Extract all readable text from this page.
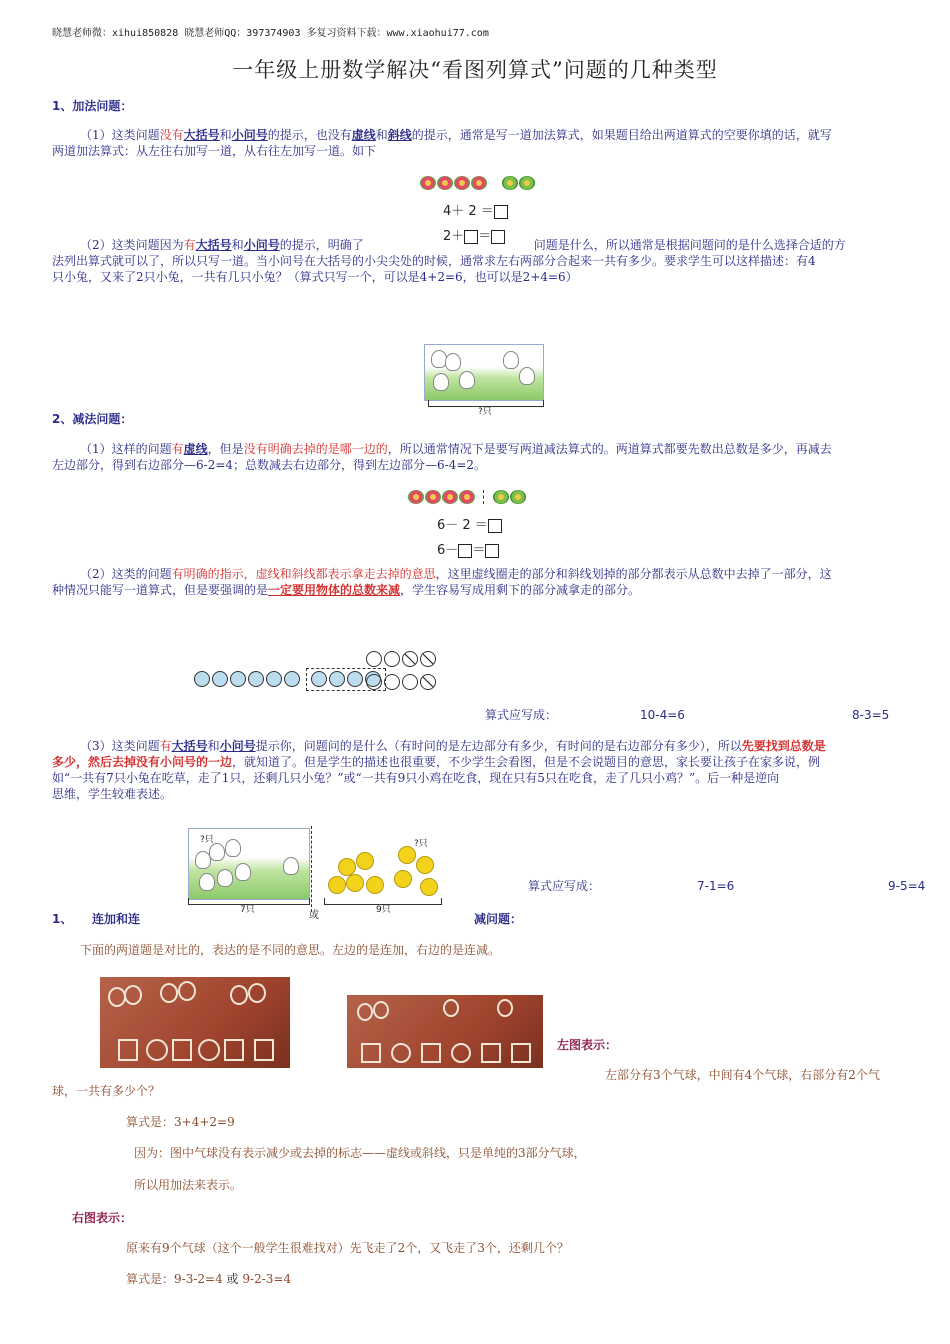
晓慧老师微：xihui850828 晓慧老师QQ：397374903 多复习资料下载：www.xiaohui77.com
一年级上册数学解决“看图列算式”问题的几种类型
1、加法问题：
（1）这类问题没有大括号和小问号的提示，也没有虚线和斜线的提示，通常是写一道加法算式，如果题目给出两道算式的空要你填的话，就写
两道加法算式：从左往右加写一道，从右往左加写一道。如下

4＋ 2 ＝
2＋ ＝
（2）这类问题因为有大括号和小问号的提示，明确了	问题是什么，所以通常是根据问题问的是什么选择合适的方
法列出算式就可以了，所以只写一道。当小问号在大括号的小尖尖处的时候，通常求左右两部分合起来一共有多少。要求学生可以这样描述：有4
只小兔，又来了2只小兔，一共有几只小兔？（算式只写一个，可以是4+2=6，也可以是2+4=6）
?只
2、减法问题：
（1）这样的问题有虚线，但是没有明确去掉的是哪一边的，所以通常情况下是要写两道减法算式的。两道算式都要先数出总数是多少，再减去
左边部分，得到右边部分—6-2=4；总数减去右边部分，得到左边部分—6-4=2。

6－ 2 ＝
6－ ＝
（2）这类的问题有明确的指示，虚线和斜线都表示拿走去掉的意思，这里虚线圈走的部分和斜线划掉的部分都表示从总数中去掉了一部分，这
种情况只能写一道算式，但是要强调的是一定要用物体的总数来减，学生容易写成用剩下的部分减拿走的部分。

算式应写成：	10-4=6	8-3=5
（3）这类问题有大括号和小问号提示你，问题问的是什么（有时问的是左边部分有多少，有时问的是右边部分有多少），所以先要找到总数是
多少，然后去掉没有小问号的一边，就知道了。但是学生的描述也很重要，不少学生会看图，但是不会说题目的意思，家长要让孩子在家多说，例
如“一共有7只小兔在吃草，走了1只，还剩几只小兔？”或“一共有9只小鸡在吃食，现在只有5只在吃食，走了几只小鸡？”。后一种是逆向
思维，学生较难表述。
?只
7只
?只
9只
或
算式应写成：	7-1=6	9-5=4
1、 连加和连	减问题：
下面的两道题是对比的，表达的是不同的意思。左边的是连加，右边的是连减。
左图表示：
左部分有3个气球，中间有4个气球，右部分有2个气
球，一共有多少个？
算式是：3+4+2=9
因为：图中气球没有表示减少或去掉的标志——虚线或斜线，只是单纯的3部分气球，
所以用加法来表示。
右图表示：
原来有9个气球（这个一般学生很难找对）先飞走了2个，又飞走了3个，还剩几个？
算式是：9-3-2=4 或 9-2-3=4
